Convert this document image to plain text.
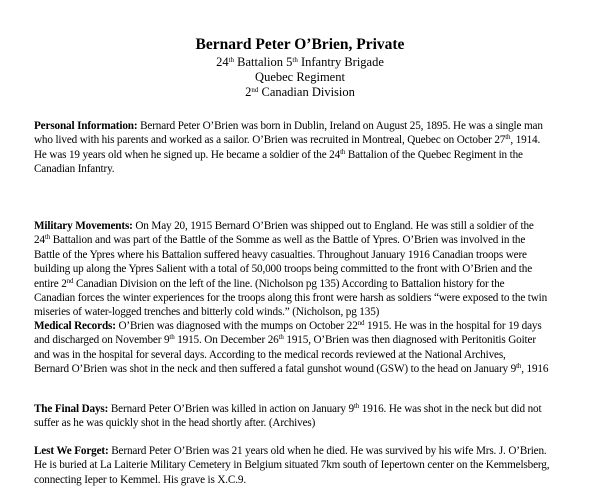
Bernard Peter O’Brien, Private
24th Battalion 5th Infantry Brigade
Quebec Regiment
2nd Canadian Division
Personal Information: Bernard Peter O’Brien was born in Dublin, Ireland on August 25, 1895. He was a single man
who lived with his parents and worked as a sailor. O’Brien was recruited in Montreal, Quebec on October 27th, 1914.
He was 19 years old when he signed up. He became a soldier of the 24th Battalion of the Quebec Regiment in the
Canadian Infantry.
Military Movements: On May 20, 1915 Bernard O’Brien was shipped out to England. He was still a soldier of the
24th Battalion and was part of the Battle of the Somme as well as the Battle of Ypres. O’Brien was involved in the
Battle of the Ypres where his Battalion suffered heavy casualties. Throughout January 1916 Canadian troops were
building up along the Ypres Salient with a total of 50,000 troops being committed to the front with O’Brien and the
entire 2nd Canadian Division on the left of the line. (Nicholson pg 135) According to Battalion history for the
Canadian forces the winter experiences for the troops along this front were harsh as soldiers “were exposed to the twin
miseries of water-logged trenches and bitterly cold winds.” (Nicholson, pg 135)
Medical Records: O’Brien was diagnosed with the mumps on October 22nd 1915. He was in the hospital for 19 days
and discharged on November 9th 1915. On December 26th 1915, O’Brien was then diagnosed with Peritonitis Goiter
and was in the hospital for several days. According to the medical records reviewed at the National Archives,
Bernard O’Brien was shot in the neck and then suffered a fatal gunshot wound (GSW) to the head on January 9th, 1916
The Final Days: Bernard Peter O’Brien was killed in action on January 9th 1916. He was shot in the neck but did not
suffer as he was quickly shot in the head shortly after. (Archives)
Lest We Forget: Bernard Peter O’Brien was 21 years old when he died. He was survived by his wife Mrs. J. O’Brien.
He is buried at La Laiterie Military Cemetery in Belgium situated 7km south of Iepertown center on the Kemmelsberg,
connecting Ieper to Kemmel. His grave is X.C.9.
